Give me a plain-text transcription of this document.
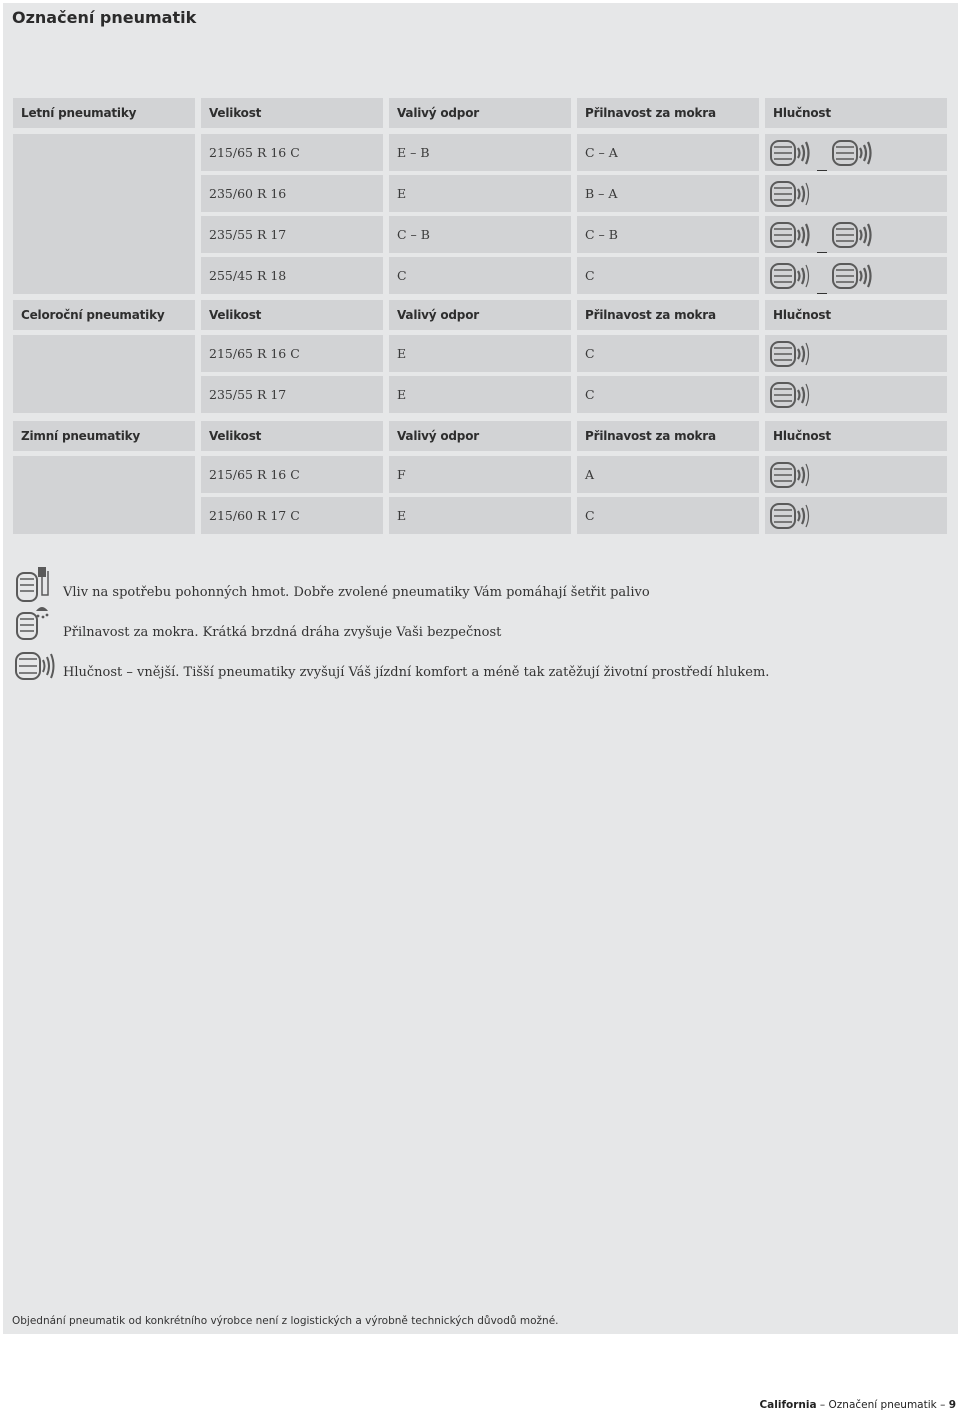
Označení pneumatik
Letní pneumatiky	Velikost	Valivý odpor	Přilnavost za mokra	Hlučnost
215/65 R 16 C	E – B	C – A
235/60 R 16	E	B – A
235/55 R 17	C – B	C – B
255/45 R 18	C	C
Celoroční pneumatiky	Velikost	Valivý odpor	Přilnavost za mokra	Hlučnost
215/65 R 16 C	E	C
235/55 R 17	E	C
Zimní pneumatiky	Velikost	Valivý odpor	Přilnavost za mokra	Hlučnost
215/65 R 16 C	F	A
215/60 R 17 C	E	C
Vliv na spotřebu pohonných hmot. Dobře zvolené pneumatiky Vám pomáhají šetřit palivo
Přilnavost za mokra. Krátká brzdná dráha zvyšuje Vaši bezpečnost
Hlučnost – vnější. Tišší pneumatiky zvyšují Váš jízdní komfort a méně tak zatěžují životní prostředí hlukem.
Objednání pneumatik od konkrétního výrobce není z logistických a výrobně technických důvodů možné.
California – Označení pneumatik – 9
